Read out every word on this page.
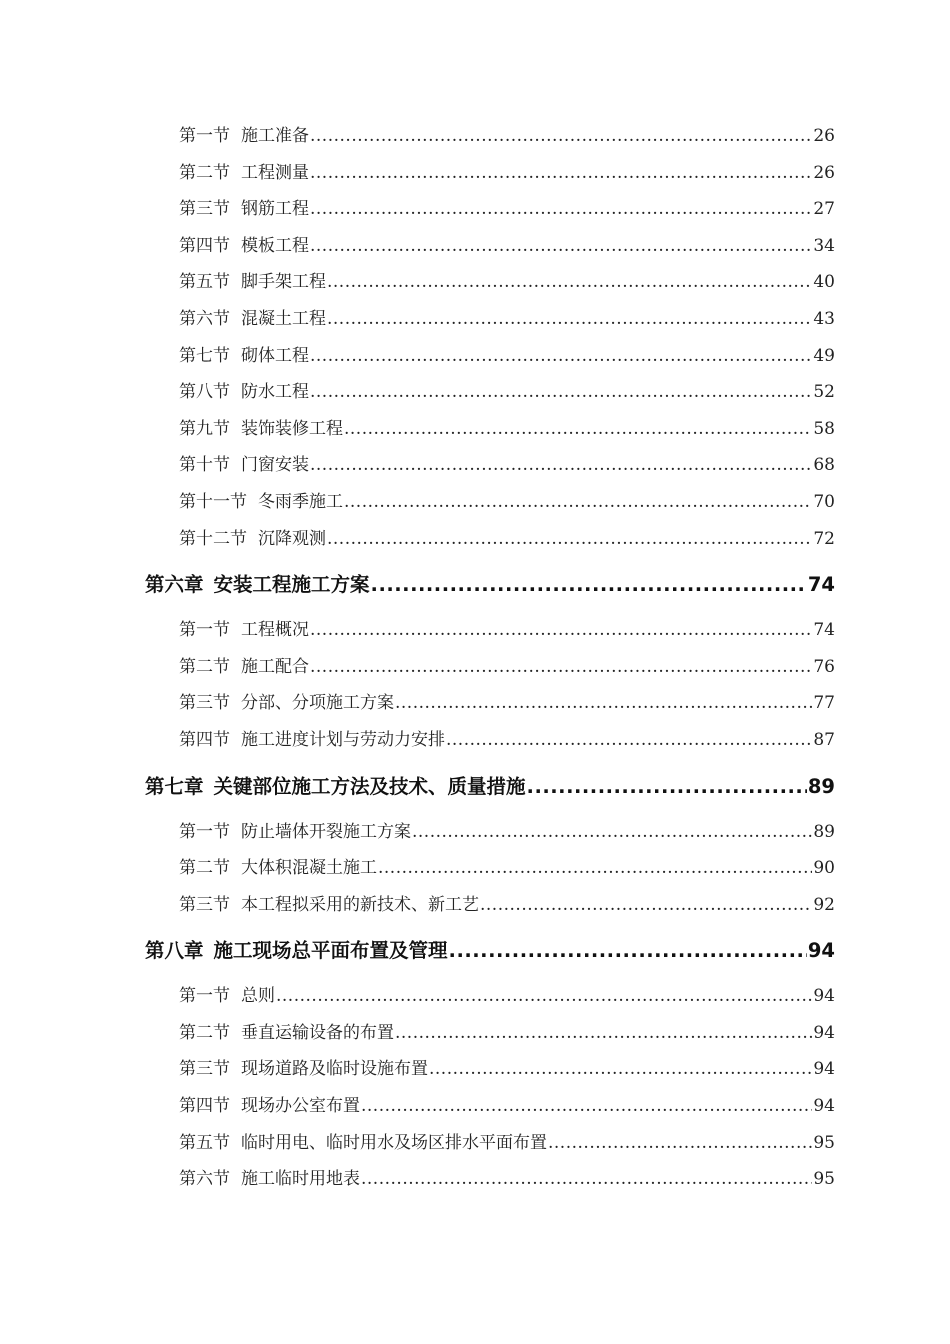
第一节 施工准备 .....	26
第二节 工程测量 .....	26
第三节 钢筋工程 .....	27
第四节 模板工程 .....	34
第五节 脚手架工程 .....	40
第六节 混凝土工程 .....	43
第七节 砌体工程 .....	49
第八节 防水工程 .....	52
第九节 装饰装修工程 .....	58
第十节 门窗安装 .....	68
第十一节 冬雨季施工 .....	70
第十二节 沉降观测 .....	72
第六章 安装工程施工方案 .....	74
第一节 工程概况 .....	74
第二节 施工配合 .....	76
第三节 分部、分项施工方案 .....	77
第四节 施工进度计划与劳动力安排 .....	87
第七章 关键部位施工方法及技术、质量措施 .....	89
第一节 防止墙体开裂施工方案 .....	89
第二节 大体积混凝土施工 .....	90
第三节 本工程拟采用的新技术、新工艺 .....	92
第八章 施工现场总平面布置及管理 .....	94
第一节 总则 .....	94
第二节 垂直运输设备的布置 .....	94
第三节 现场道路及临时设施布置 .....	94
第四节 现场办公室布置 .....	94
第五节 临时用电、临时用水及场区排水平面布置 .....	95
第六节 施工临时用地表 .....	95
